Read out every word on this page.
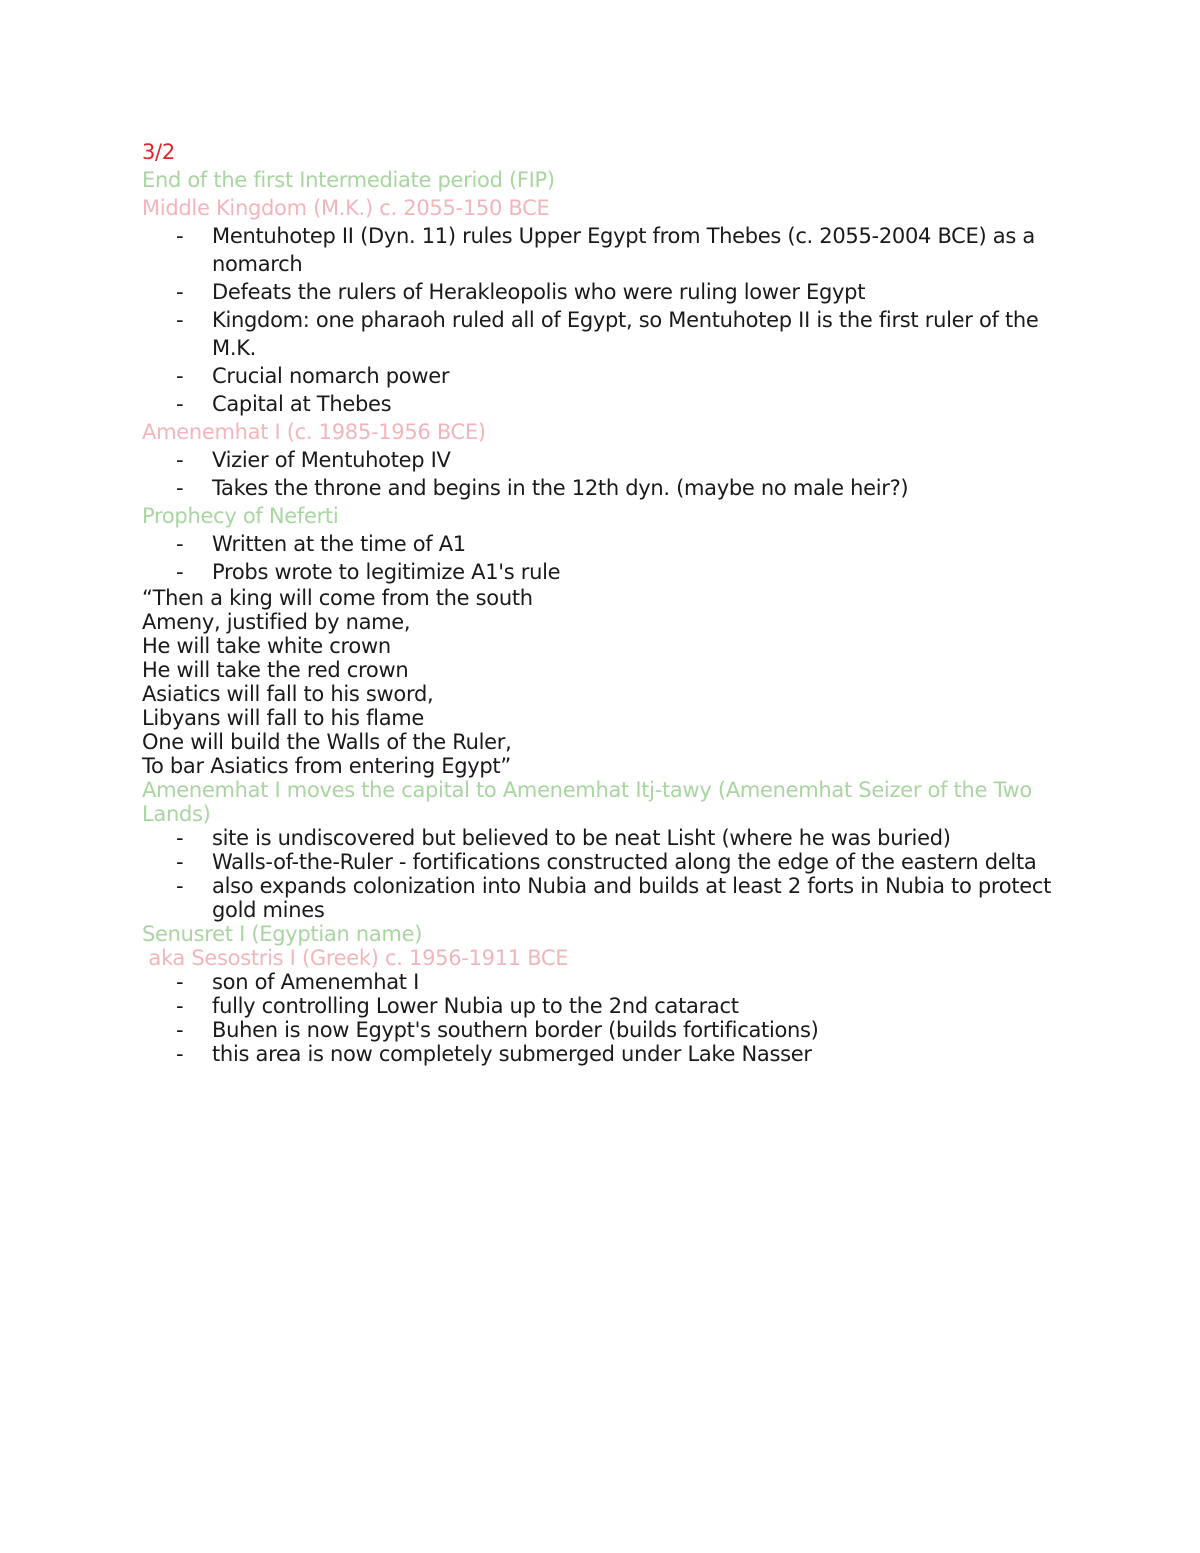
3/2
End of the first Intermediate period (FIP)
Middle Kingdom (M.K.) c. 2055-150 BCE
- Mentuhotep II (Dyn. 11) rules Upper Egypt from Thebes (c. 2055-2004 BCE) as a nomarch
- Defeats the rulers of Herakleopolis who were ruling lower Egypt
- Kingdom: one pharaoh ruled all of Egypt, so Mentuhotep II is the first ruler of the M.K.
- Crucial nomarch power
- Capital at Thebes
Amenemhat I (c. 1985-1956 BCE)
- Vizier of Mentuhotep IV
- Takes the throne and begins in the 12th dyn. (maybe no male heir?)
Prophecy of Neferti
- Written at the time of A1
- Probs wrote to legitimize A1's rule
“Then a king will come from the south
Ameny, justified by name,
He will take white crown
He will take the red crown
Asiatics will fall to his sword,
Libyans will fall to his flame
One will build the Walls of the Ruler,
To bar Asiatics from entering Egypt”
Amenemhat I moves the capital to Amenemhat Itj-tawy (Amenemhat Seizer of the Two Lands)
- site is undiscovered but believed to be neat Lisht (where he was buried)
- Walls-of-the-Ruler - fortifications constructed along the edge of the eastern delta
- also expands colonization into Nubia and builds at least 2 forts in Nubia to protect gold mines
Senusret I (Egyptian name)
aka Sesostris I (Greek) c. 1956-1911 BCE
- son of Amenemhat I
- fully controlling Lower Nubia up to the 2nd cataract
- Buhen is now Egypt's southern border (builds fortifications)
- this area is now completely submerged under Lake Nasser
